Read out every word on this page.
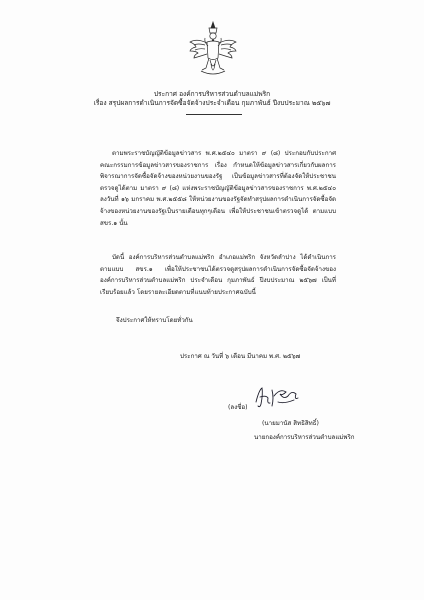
ประกาศ องค์การบริหารส่วนตำบลแม่พริก
เรื่อง สรุปผลการดำเนินการจัดซื้อจัดจ้างประจำเดือน กุมภาพันธ์ ปีงบประมาณ ๒๕๖๗
ตามพระราชบัญญัติข้อมูลข่าวสาร พ.ศ.๒๕๔๐ มาตรา ๙ (๘) ประกอบกับประกาศคณะกรรมการข้อมูลข่าวสารของราชการ เรื่อง กำหนดให้ข้อมูลข่าวสารเกี่ยวกับผลการพิจารณาการจัดซื้อจัดจ้างของหน่วยงานของรัฐ เป็นข้อมูลข่าวสารที่ต้องจัดให้ประชาชนตรวจดูได้ตาม มาตรา ๙ (๘) แห่งพระราชบัญญัติข้อมูลข่าวสารของราชการ พ.ศ.๒๕๔๐ ลงวันที่ ๑๖ มกราคม พ.ศ.๒๕๕๘ ให้หน่วยงานของรัฐจัดทำสรุปผลการดำเนินการจัดซื้อจัดจ้างของหน่วยงานของรัฐเป็นรายเดือนทุกๆเดือน เพื่อให้ประชาชนเข้าตรวจดูได้ ตามแบบ สขร.๑ นั้น
บัดนี้ องค์การบริหารส่วนตำบลแม่พริก อำเภอแม่พริก จังหวัดลำปาง ได้ดำเนินการตามแบบ สขร.๑ เพื่อให้ประชาชนได้ตรวจดูสรุปผลการดำเนินการจัดซื้อจัดจ้างขององค์การบริหารส่วนตำบลแม่พริก ประจำเดือน กุมภาพันธ์ ปีงบประมาณ ๒๕๖๗ เป็นที่เรียบร้อยแล้ว โดยรายละเอียดตามที่แนบท้ายประกาศฉบับนี้
จึงประกาศให้ทราบโดยทั่วกัน
ประกาศ ณ วันที่ ๖ เดือน มีนาคม พ.ศ. ๒๕๖๗
(ลงชื่อ)
(นายมานัส สิทธิสิทธิ์)
นายกองค์การบริหารส่วนตำบลแม่พริก
